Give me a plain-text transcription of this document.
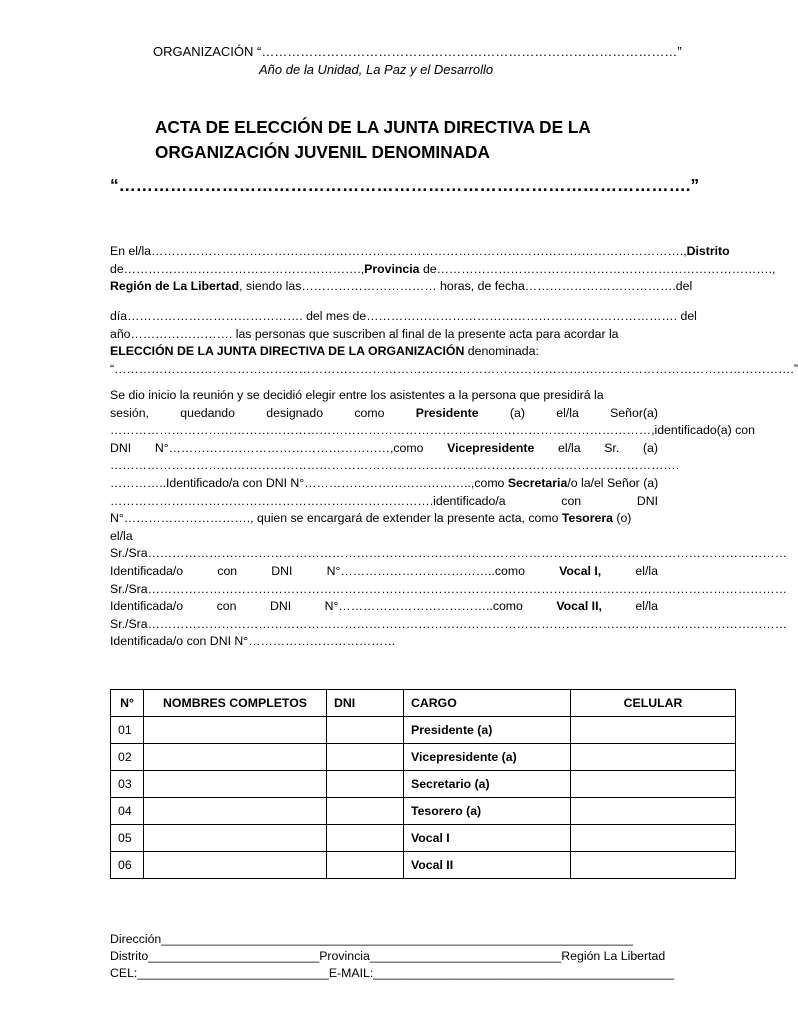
ORGANIZACIÓN “……………………………………………………………………………………”
Año de la Unidad, La Paz y el Desarrollo
ACTA DE ELECCIÓN DE LA JUNTA DIRECTIVA DE LA
ORGANIZACIÓN JUVENIL DENOMINADA
“……………………………………………………………………………………….”
En el/la………………………………………………………………………………………………………………….,Distrito
de………………………………………………….,Provincia de……………………………………………………………………….,
Región de La Libertad, siendo las…………………………… horas, de fecha……………………………….del
día……………………………………. del mes de…………………………………………………………………. del
año……………………. las personas que suscriben al final de la presente acta para acordar la
ELECCIÓN DE LA JUNTA DIRECTIVA DE LA ORGANIZACIÓN denominada:
“………………………………………………………………………………………………………………………………………………….”
Se dio inicio la reunión y se decidió elegir entre los asistentes a la persona que presidirá la
sesión,	quedando	designado	como	Presidente	(a)	el/la	Señor(a)
……………………………………………………………………………………………………………………,identificado(a) con
DNI N°………………………………………………,como Vicepresidente el/la Sr. (a)
………………………………………………………………………………………………………………………….
…………..Identificado/a con DNI N°…………………………………..,como Secretaria/o la/el Señor (a)
…………………………………………………………………….identificado/a	con	DNI
N°…………………………., quien se encargará de extender la presente acta, como Tesorera (o)
el/la
Sr./Sra…………………………………………………………………………………………………………………………………………
Identificada/o	con	DNI	N°………………………………..como	Vocal I,	el/la
Sr./Sra…………………………………………………………………………………………………………………………………………
Identificada/o	con	DNI	N°………………………………..como	Vocal II,	el/la
Sr./Sra…………………………………………………………………………………………………………………………………………
Identificada/o con DNI N°………………………………
N°	NOMBRES COMPLETOS	DNI	CARGO	CELULAR
01			Presidente (a)	
02			Vicepresidente (a)	
03			Secretario (a)	
04			Tesorero (a)	
05			Vocal I	
06			Vocal II	
Dirección_____________________________________________________________________
Distrito_________________________Provincia____________________________Región La Libertad
CEL:____________________________E-MAIL:____________________________________________
